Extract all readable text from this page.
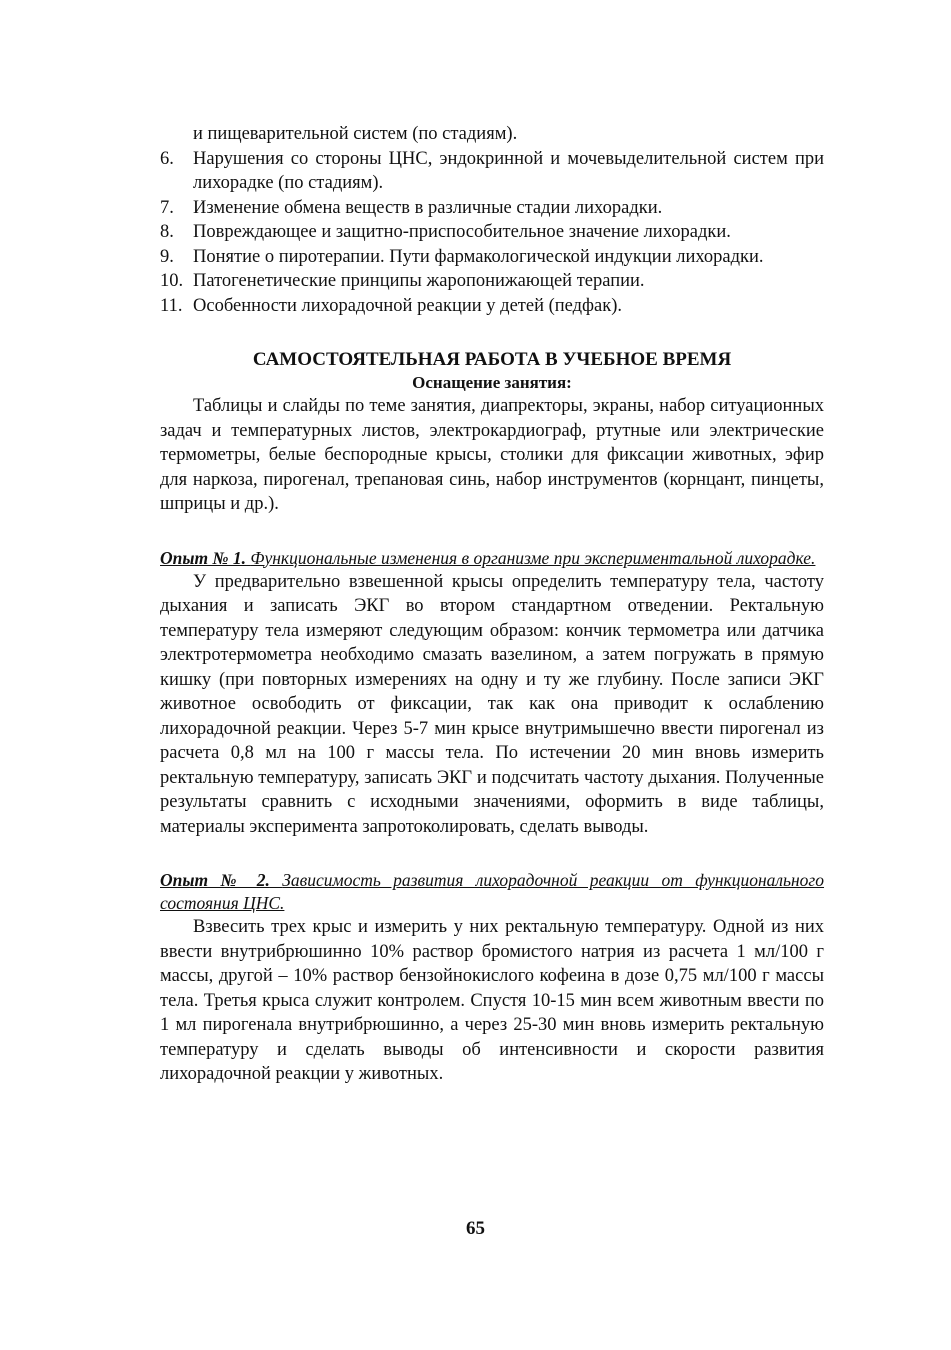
и пищеварительной систем (по стадиям).
6. Нарушения со стороны ЦНС, эндокринной и мочевыделительной систем при лихорадке (по стадиям).
7. Изменение обмена веществ в различные стадии лихорадки.
8. Повреждающее и защитно-приспособительное значение лихорадки.
9. Понятие о пиротерапии. Пути фармакологической индукции лихорадки.
10. Патогенетические принципы жаропонижающей терапии.
11. Особенности лихорадочной реакции у детей (педфак).
САМОСТОЯТЕЛЬНАЯ РАБОТА В УЧЕБНОЕ ВРЕМЯ
Оснащение занятия:

Таблицы и слайды по теме занятия, диапректоры, экраны, набор ситуационных задач и температурных листов, электрокардиограф, ртутные или электрические термометры, белые беспородные крысы, столики для фиксации животных, эфир для наркоза, пирогенал, трепановая синь, набор инструментов (корнцант, пинцеты, шприцы и др.).

Опыт № 1. Функциональные изменения в организме при экспериментальной лихорадке.

У предварительно взвешенной крысы определить температуру тела, частоту дыхания и записать ЭКГ во втором стандартном отведении. Ректальную температуру тела измеряют следующим образом: кончик термометра или датчика электротермометра необходимо смазать вазелином, а затем погружать в прямую кишку (при повторных измерениях на одну и ту же глубину. После записи ЭКГ животное освободить от фиксации, так как она приводит к ослаблению лихорадочной реакции. Через 5-7 мин крысе внутримышечно ввести пирогенал из расчета 0,8 мл на 100 г массы тела. По истечении 20 мин вновь измерить ректальную температуру, записать ЭКГ и подсчитать частоту дыхания. Полученные результаты сравнить с исходными значениями, оформить в виде таблицы, материалы эксперимента запротоколировать, сделать выводы.

Опыт № 2. Зависимость развития лихорадочной реакции от функционального состояния ЦНС.

Взвесить трех крыс и измерить у них ректальную температуру. Одной из них ввести внутрибрюшинно 10% раствор бромистого натрия из расчета 1 мл/100 г массы, другой – 10% раствор бензойнокислого кофеина в дозе 0,75 мл/100 г массы тела. Третья крыса служит контролем. Спустя 10-15 мин всем животным ввести по 1 мл пирогенала внутрибрюшинно, а через 25-30 мин вновь измерить ректальную температуру и сделать выводы об интенсивности и скорости развития лихорадочной реакции у животных.

65
